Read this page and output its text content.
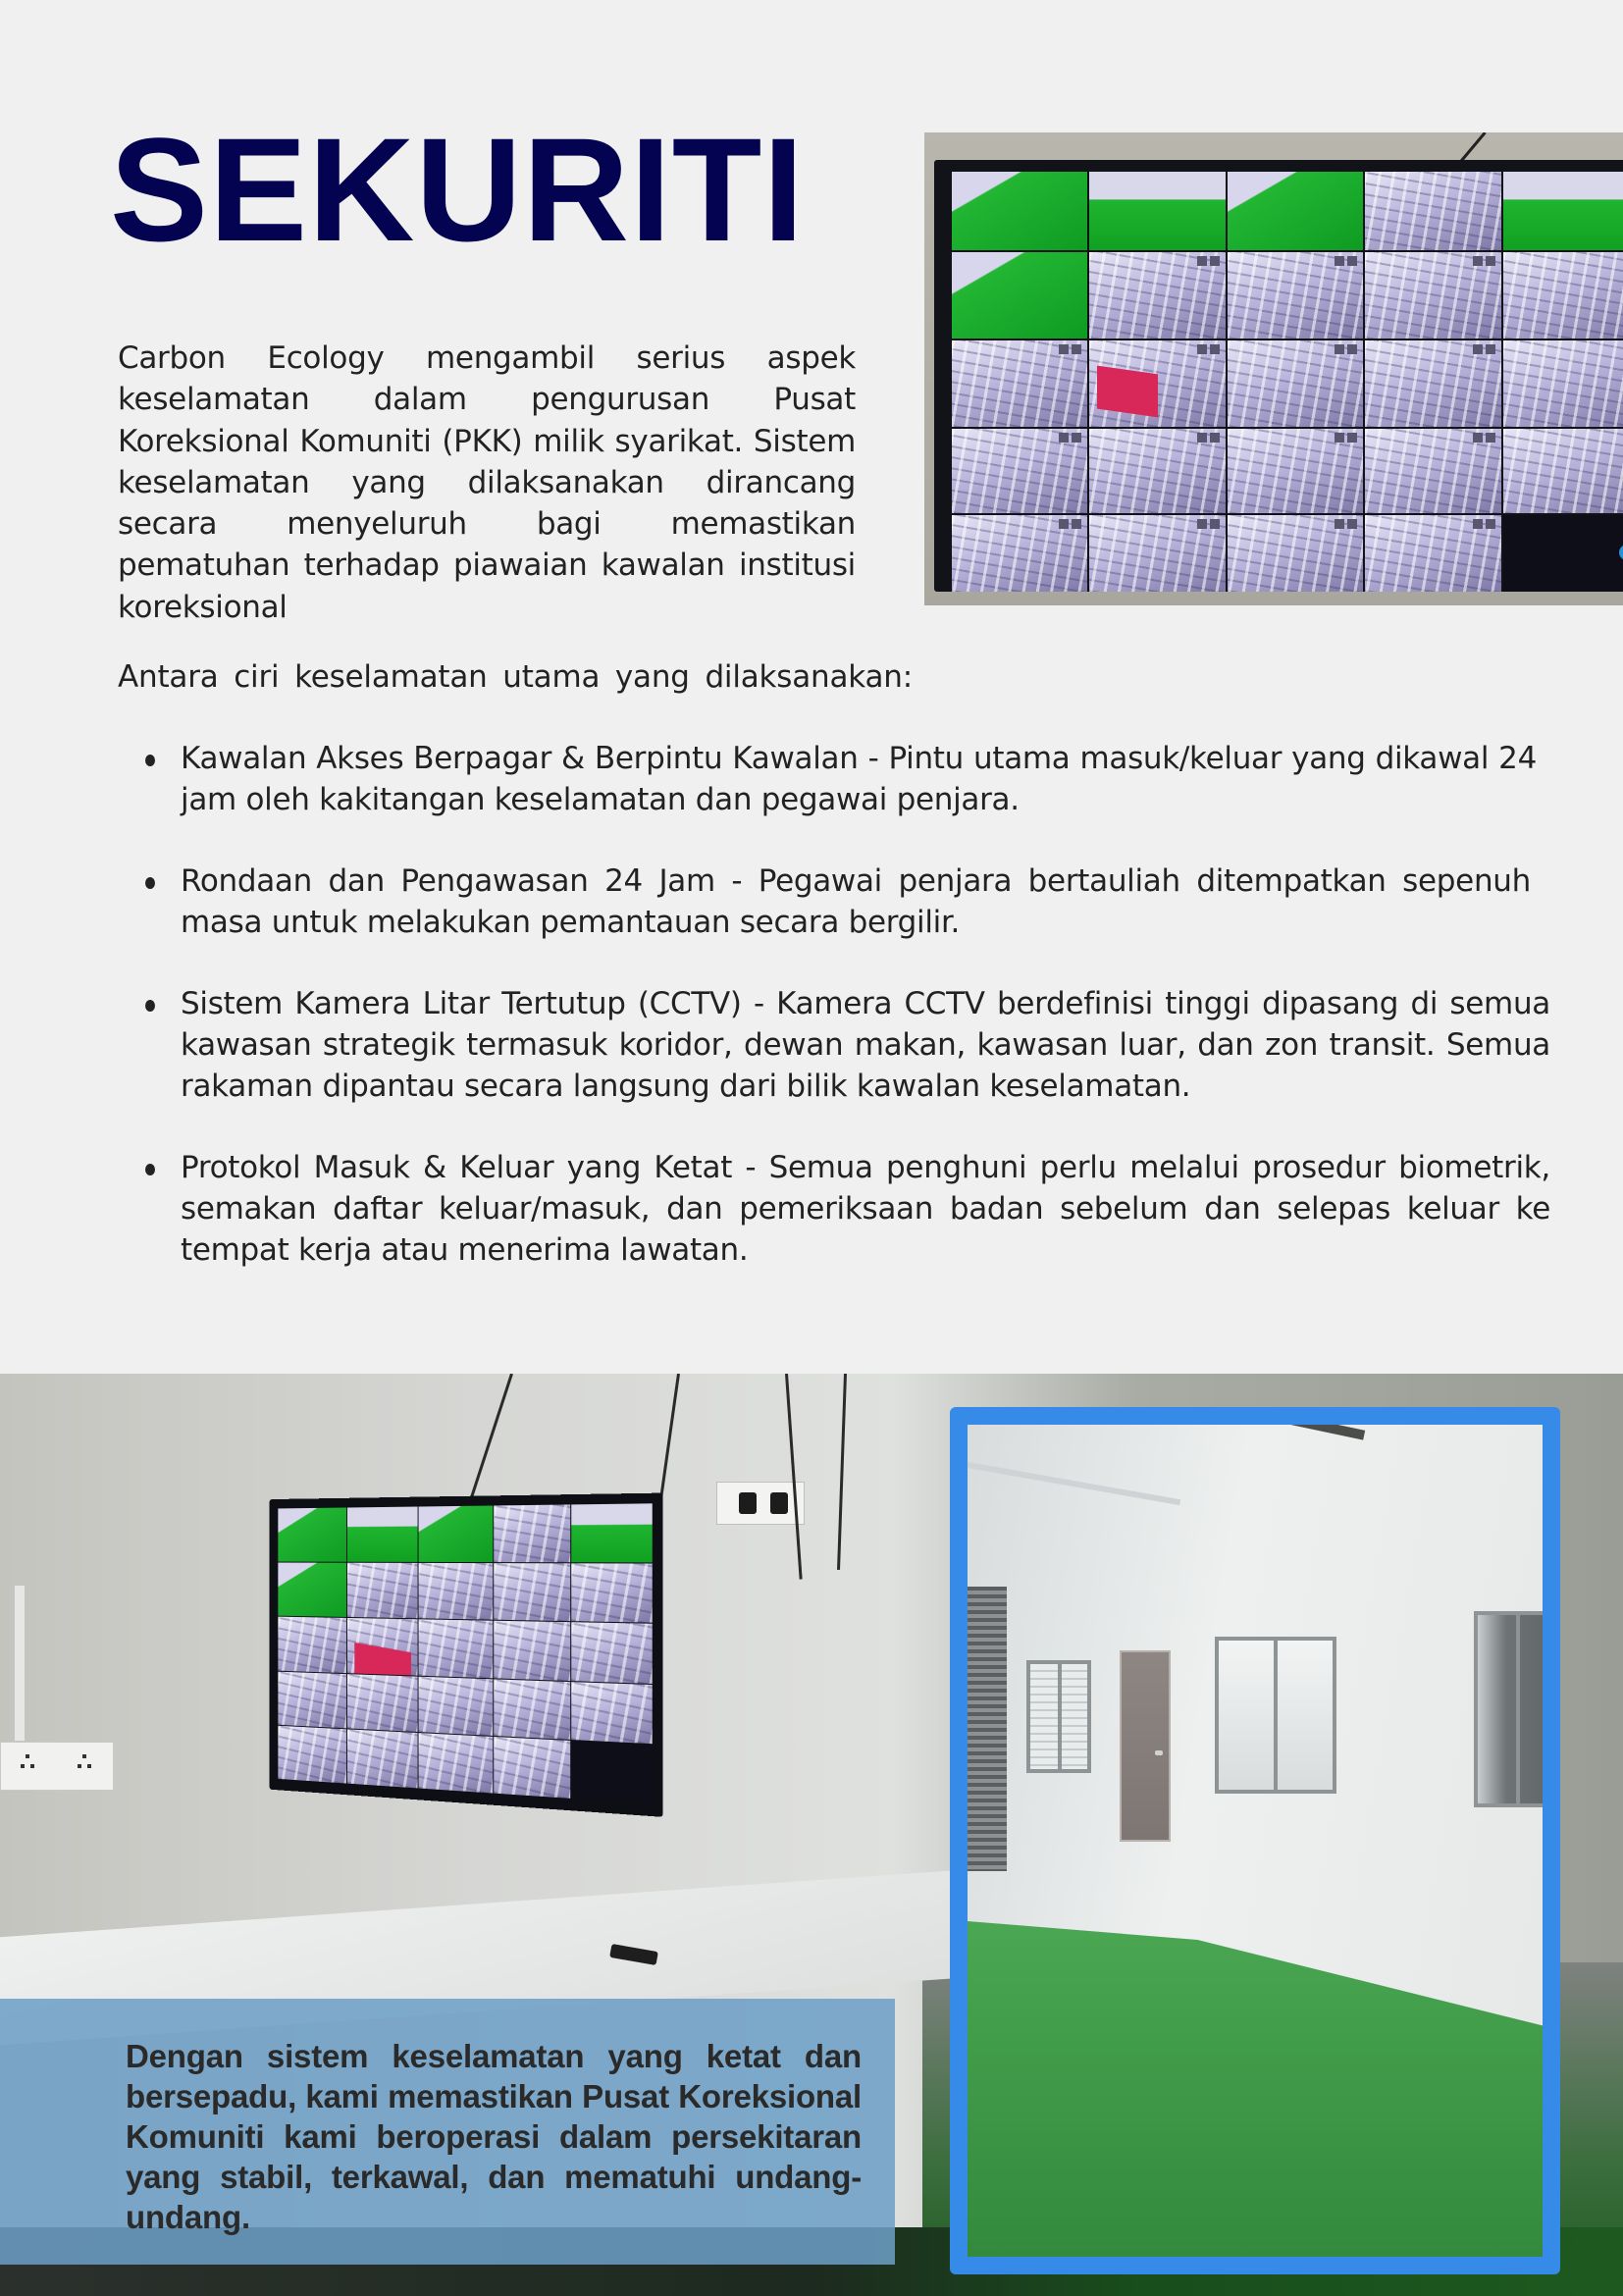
SEKURITI

Carbon Ecology mengambil serius aspek keselamatan dalam pengurusan Pusat Koreksional Komuniti (PKK) milik syarikat. Sistem keselamatan yang dilaksanakan dirancang secara menyeluruh bagi memastikan pematuhan terhadap piawaian kawalan institusi koreksional

Antara ciri keselamatan utama yang dilaksanakan:

Kawalan Akses Berpagar & Berpintu Kawalan - Pintu utama masuk/keluar yang dikawal 24 jam oleh kakitangan keselamatan dan pegawai penjara.
Rondaan dan Pengawasan 24 Jam - Pegawai penjara bertauliah ditempatkan sepenuh masa untuk melakukan pemantauan secara bergilir.
Sistem Kamera Litar Tertutup (CCTV) - Kamera CCTV berdefinisi tinggi dipasang di semua kawasan strategik termasuk koridor, dewan makan, kawasan luar, dan zon transit. Semua rakaman dipantau secara langsung dari bilik kawalan keselamatan.
Protokol Masuk & Keluar yang Ketat - Semua penghuni perlu melalui prosedur biometrik, semakan daftar keluar/masuk, dan pemeriksaan badan sebelum dan selepas keluar ke tempat kerja atau menerima lawatan.

Dengan sistem keselamatan yang ketat dan bersepadu, kami memastikan Pusat Koreksional Komuniti kami beroperasi dalam persekitaran yang stabil, terkawal, dan mematuhi undang-undang.
